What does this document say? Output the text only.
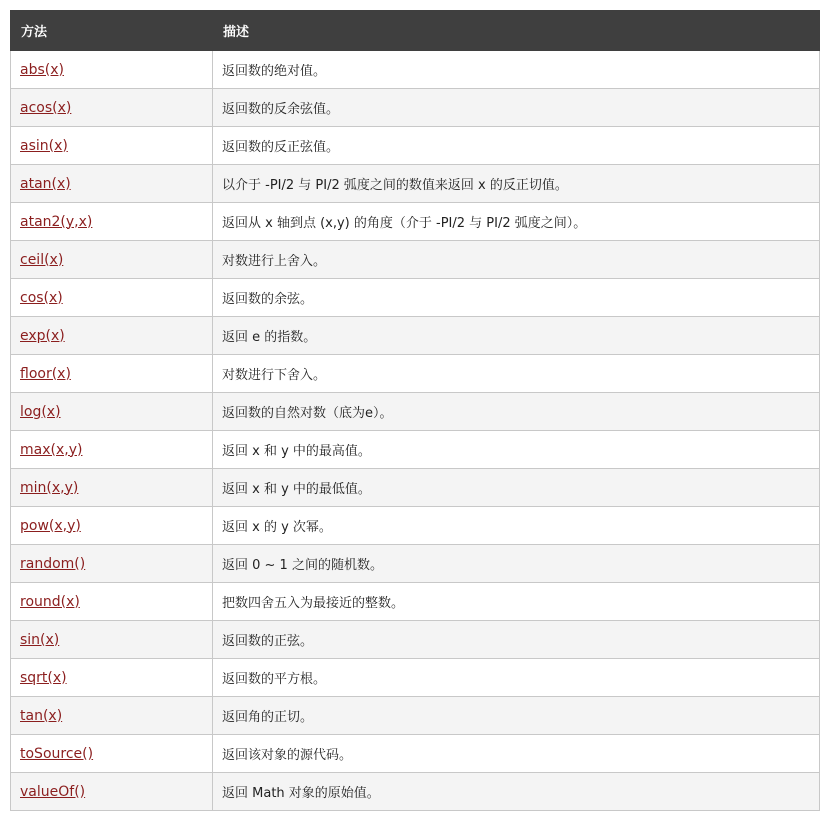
方法	描述
abs(x)	返回数的绝对值。
acos(x)	返回数的反余弦值。
asin(x)	返回数的反正弦值。
atan(x)	以介于 -PI/2 与 PI/2 弧度之间的数值来返回 x 的反正切值。
atan2(y,x)	返回从 x 轴到点 (x,y) 的角度（介于 -PI/2 与 PI/2 弧度之间）。
ceil(x)	对数进行上舍入。
cos(x)	返回数的余弦。
exp(x)	返回 e 的指数。
floor(x)	对数进行下舍入。
log(x)	返回数的自然对数（底为e）。
max(x,y)	返回 x 和 y 中的最高值。
min(x,y)	返回 x 和 y 中的最低值。
pow(x,y)	返回 x 的 y 次幂。
random()	返回 0 ~ 1 之间的随机数。
round(x)	把数四舍五入为最接近的整数。
sin(x)	返回数的正弦。
sqrt(x)	返回数的平方根。
tan(x)	返回角的正切。
toSource()	返回该对象的源代码。
valueOf()	返回 Math 对象的原始值。
